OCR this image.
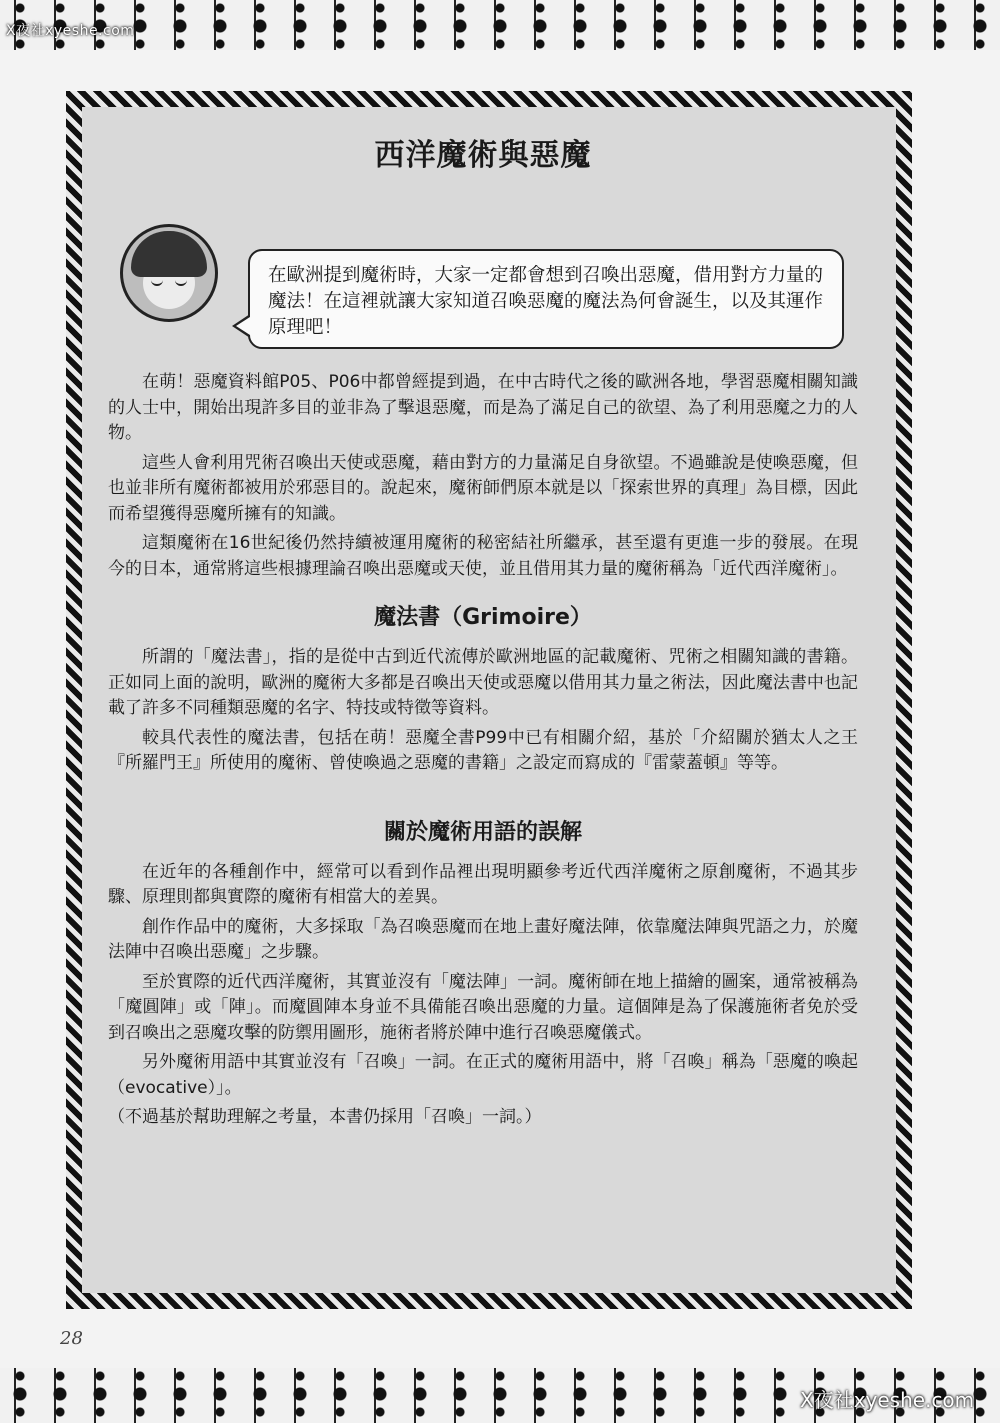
X夜社xyeshe.com
西洋魔術與惡魔
在歐洲提到魔術時，大家一定都會想到召喚出惡魔，借用對方力量的魔法！在這裡就讓大家知道召喚惡魔的魔法為何會誕生，以及其運作原理吧！

在萌！惡魔資料館P05、P06中都曾經提到過，在中古時代之後的歐洲各地，學習惡魔相關知識的人士中，開始出現許多目的並非為了擊退惡魔，而是為了滿足自己的欲望、為了利用惡魔之力的人物。

這些人會利用咒術召喚出天使或惡魔，藉由對方的力量滿足自身欲望。不過雖說是使喚惡魔，但也並非所有魔術都被用於邪惡目的。說起來，魔術師們原本就是以「探索世界的真理」為目標，因此而希望獲得惡魔所擁有的知識。

這類魔術在16世紀後仍然持續被運用魔術的秘密結社所繼承，甚至還有更進一步的發展。在現今的日本，通常將這些根據理論召喚出惡魔或天使，並且借用其力量的魔術稱為「近代西洋魔術」。

魔法書（Grimoire）

所謂的「魔法書」，指的是從中古到近代流傳於歐洲地區的記載魔術、咒術之相關知識的書籍。正如同上面的說明，歐洲的魔術大多都是召喚出天使或惡魔以借用其力量之術法，因此魔法書中也記載了許多不同種類惡魔的名字、特技或特徵等資料。

較具代表性的魔法書，包括在萌！惡魔全書P99中已有相關介紹，基於「介紹關於猶太人之王『所羅門王』所使用的魔術、曾使喚過之惡魔的書籍」之設定而寫成的『雷蒙蓋頓』等等。

關於魔術用語的誤解

在近年的各種創作中，經常可以看到作品裡出現明顯參考近代西洋魔術之原創魔術，不過其步驟、原理則都與實際的魔術有相當大的差異。

創作作品中的魔術，大多採取「為召喚惡魔而在地上畫好魔法陣，依靠魔法陣與咒語之力，於魔法陣中召喚出惡魔」之步驟。

至於實際的近代西洋魔術，其實並沒有「魔法陣」一詞。魔術師在地上描繪的圖案，通常被稱為「魔圓陣」或「陣」。而魔圓陣本身並不具備能召喚出惡魔的力量。這個陣是為了保護施術者免於受到召喚出之惡魔攻擊的防禦用圖形，施術者將於陣中進行召喚惡魔儀式。

另外魔術用語中其實並沒有「召喚」一詞。在正式的魔術用語中，將「召喚」稱為「惡魔的喚起（evocative）」。

（不過基於幫助理解之考量，本書仍採用「召喚」一詞。）

28
X夜社xyeshe.com
